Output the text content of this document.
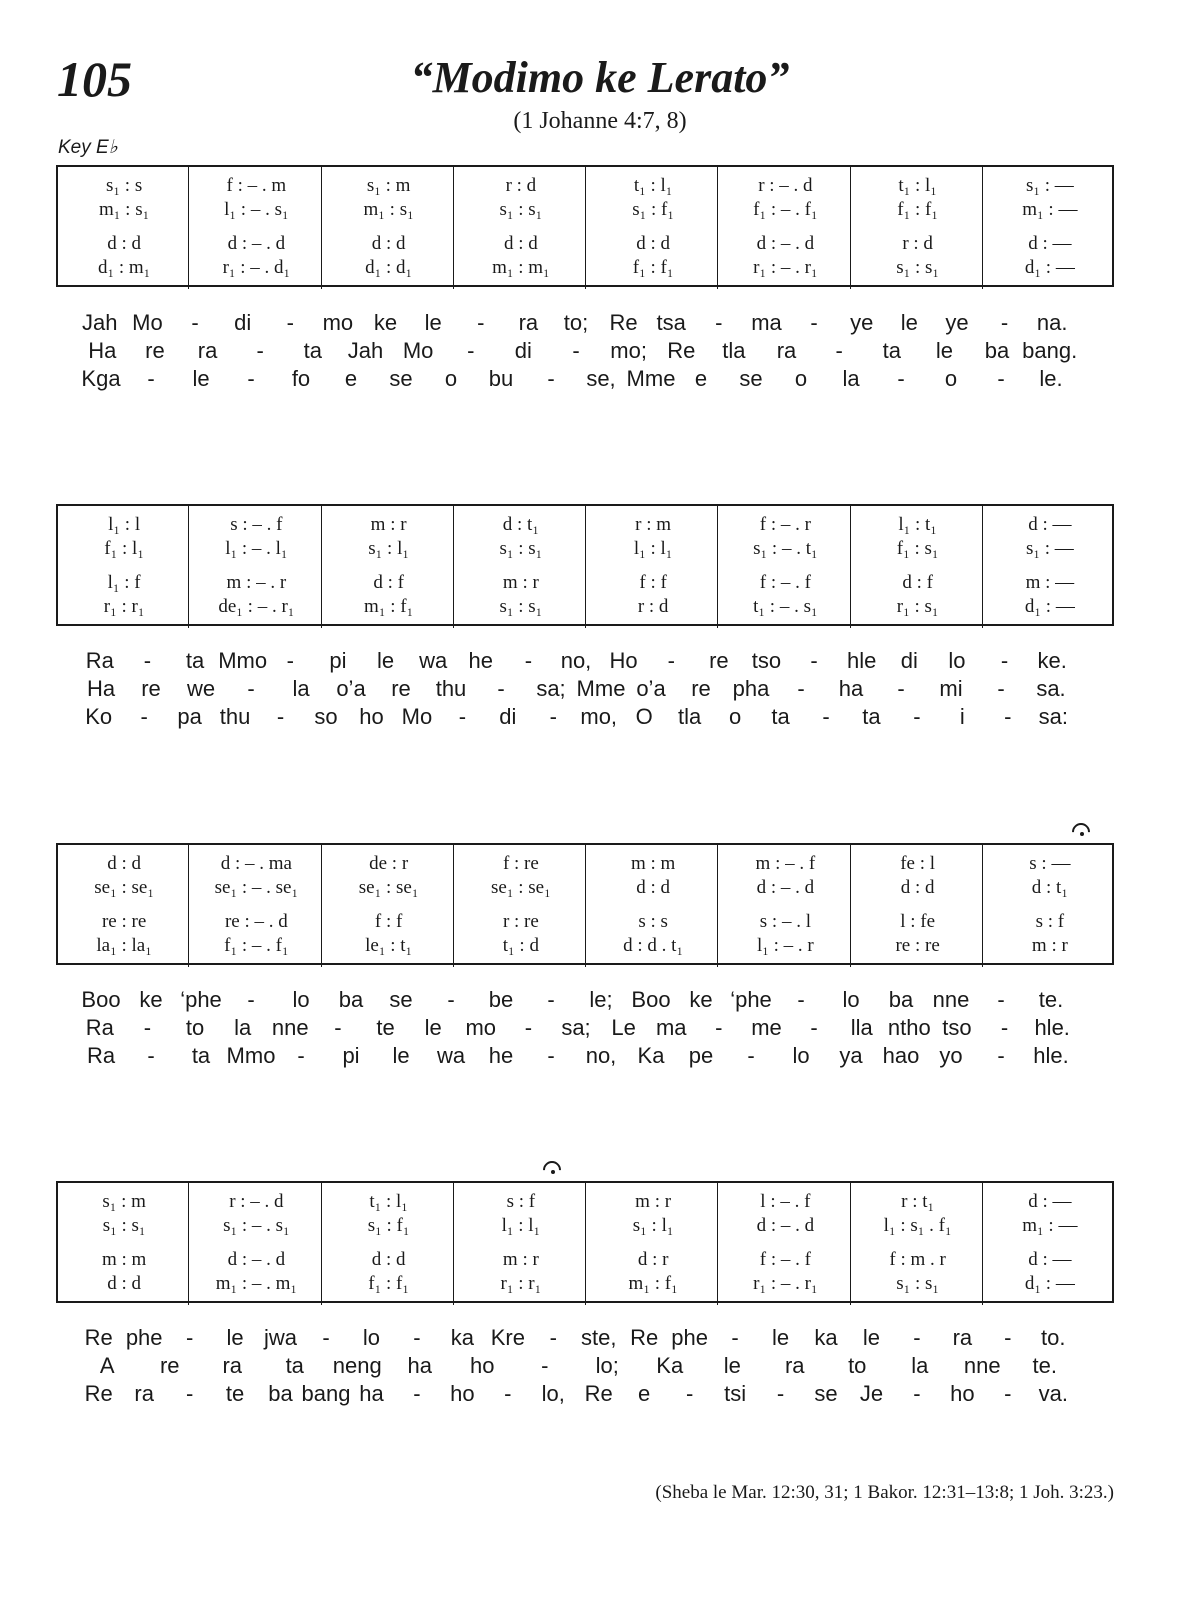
105	“Modimo ke Lerato”
(1 Johanne 4:7, 8)
Key E♭
s₁ : s
m₁ : s₁
d : d
d₁ : m₁
f : – . m
l₁ : – . s₁
d : – . d
r₁ : – . d₁
s₁ : m
m₁ : s₁
d : d
d₁ : d₁
r : d
s₁ : s₁
d : d
m₁ : m₁
t₁ : l₁
s₁ : f₁
d : d
f₁ : f₁
r : – . d
f₁ : – . f₁
d : – . d
r₁ : – . r₁
t₁ : l₁
f₁ : f₁
r : d
s₁ : s₁
s₁ : —
m₁ : —
d : —
d₁ : —
Jah Mo - di - mo ke le - ra to; Re tsa - ma - ye le ye - na.
Ha re ra - ta Jah Mo - di - mo; Re tla ra - ta le ba bang.
Kga - le - fo e se o bu - se, Mme e se o la - o - le.
l₁ : l
f₁ : l₁
l₁ : f
r₁ : r₁
s : – . f
l₁ : – . l₁
m : – . r
de₁ : – . r₁
m : r
s₁ : l₁
d : f
m₁ : f₁
d : t₁
s₁ : s₁
m : r
s₁ : s₁
r : m
l₁ : l₁
f : f
r : d
f : – . r
s₁ : – . t₁
f : – . f
t₁ : – . s₁
l₁ : t₁
f₁ : s₁
d : f
r₁ : s₁
d : —
s₁ : —
m : —
d₁ : —
Ra - ta Mmo - pi le wa he - no, Ho - re tso - hle di lo - ke.
Ha re we - la o’a re thu - sa; Mme o’a re pha - ha - mi - sa.
Ko - pa thu - so ho Mo - di - mo, O tla o ta - ta - i - sa:
d : d
se₁ : se₁
re : re
la₁ : la₁
d : – . ma
se₁ : – . se₁
re : – . d
f₁ : – . f₁
de : r
se₁ : se₁
f : f
le₁ : t₁
f : re
se₁ : se₁
r : re
t₁ : d
m : m
d : d
s : s
d : d . t₁
m : – . f
d : – . d
s : – . l
l₁ : – . r
fe : l
d : d
l : fe
re : re
s : —
d : t₁
s : f
m : r
Boo ke ‘phe - lo ba se - be - le; Boo ke ‘phe - lo ba nne - te.
Ra - to la nne - te le mo - sa; Le ma - me - lla ntho tso - hle.
Ra - ta Mmo - pi le wa he - no, Ka pe - lo ya hao yo - hle.
s₁ : m
s₁ : s₁
m : m
d : d
r : – . d
s₁ : – . s₁
d : – . d
m₁ : – . m₁
t₁ : l₁
s₁ : f₁
d : d
f₁ : f₁
s : f
l₁ : l₁
m : r
r₁ : r₁
m : r
s₁ : l₁
d : r
m₁ : f₁
l : – . f
d : – . d
f : – . f
r₁ : – . r₁
r : t₁
l₁ : s₁ . f₁
f : m . r
s₁ : s₁
d : —
m₁ : —
d : —
d₁ : —
Re phe - le jwa - lo - ka Kre - ste, Re phe - le ka le - ra - to.
A re ra ta neng ha ho - lo; Ka le ra to la nne te.
Re ra - te ba bang ha - ho - lo, Re e - tsi - se Je - ho - va.
(Sheba le Mar. 12:30, 31; 1 Bakor. 12:31–13:8; 1 Joh. 3:23.)
